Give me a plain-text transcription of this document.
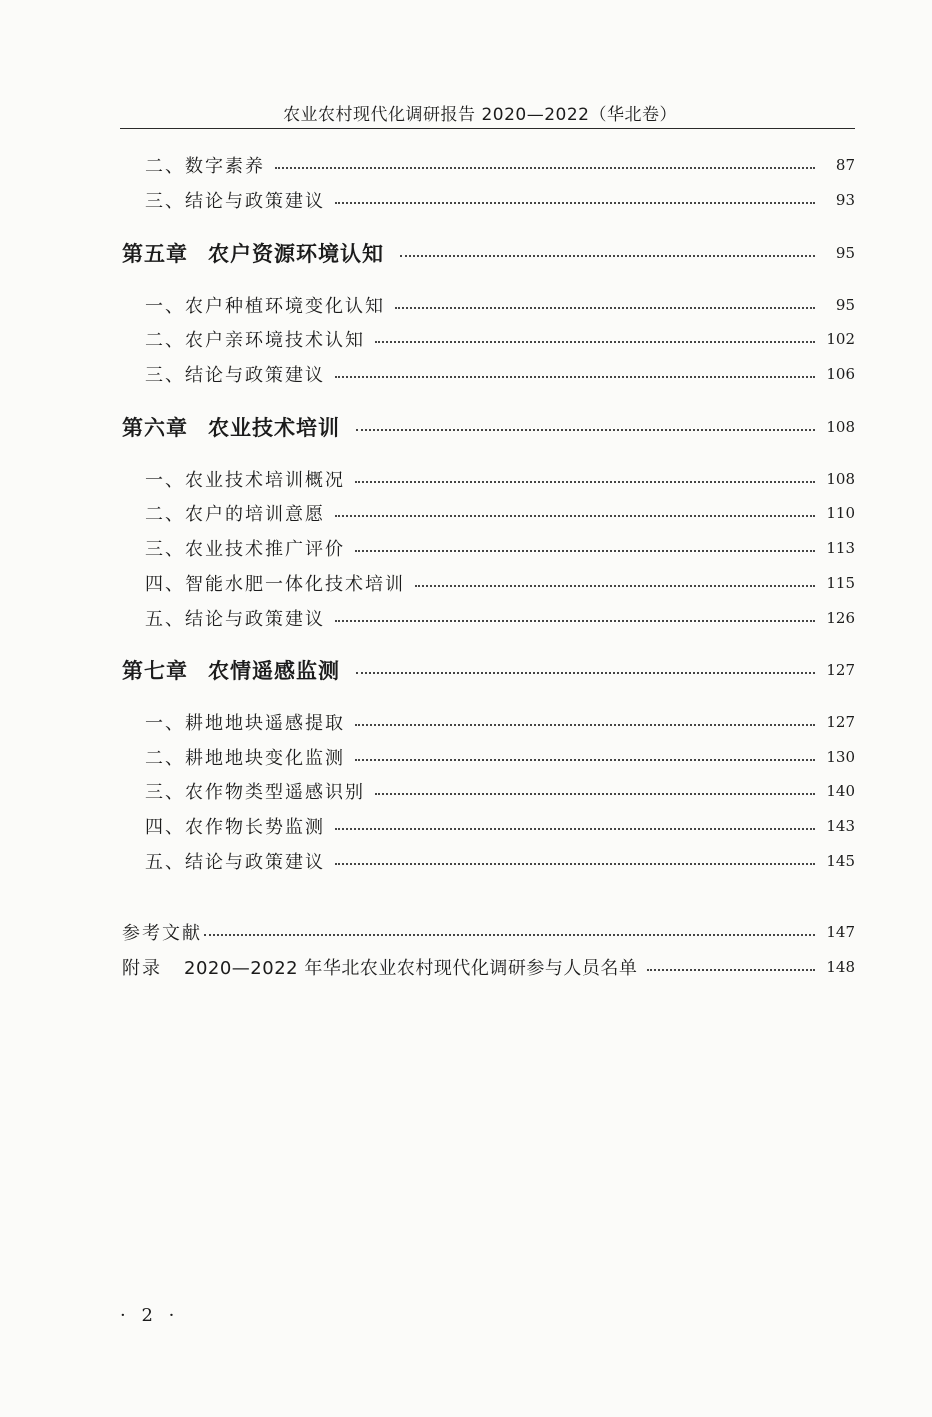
农业农村现代化调研报告 2020—2022（华北卷）
二、数字素养	87
三、结论与政策建议	93
第五章 农户资源环境认知	95
一、农户种植环境变化认知	95
二、农户亲环境技术认知	102
三、结论与政策建议	106
第六章 农业技术培训	108
一、农业技术培训概况	108
二、农户的培训意愿	110
三、农业技术推广评价	113
四、智能水肥一体化技术培训	115
五、结论与政策建议	126
第七章 农情遥感监测	127
一、耕地地块遥感提取	127
二、耕地地块变化监测	130
三、农作物类型遥感识别	140
四、农作物长势监测	143
五、结论与政策建议	145
参考文献	147
附录 2020—2022 年华北农业农村现代化调研参与人员名单	148
· 2 ·
